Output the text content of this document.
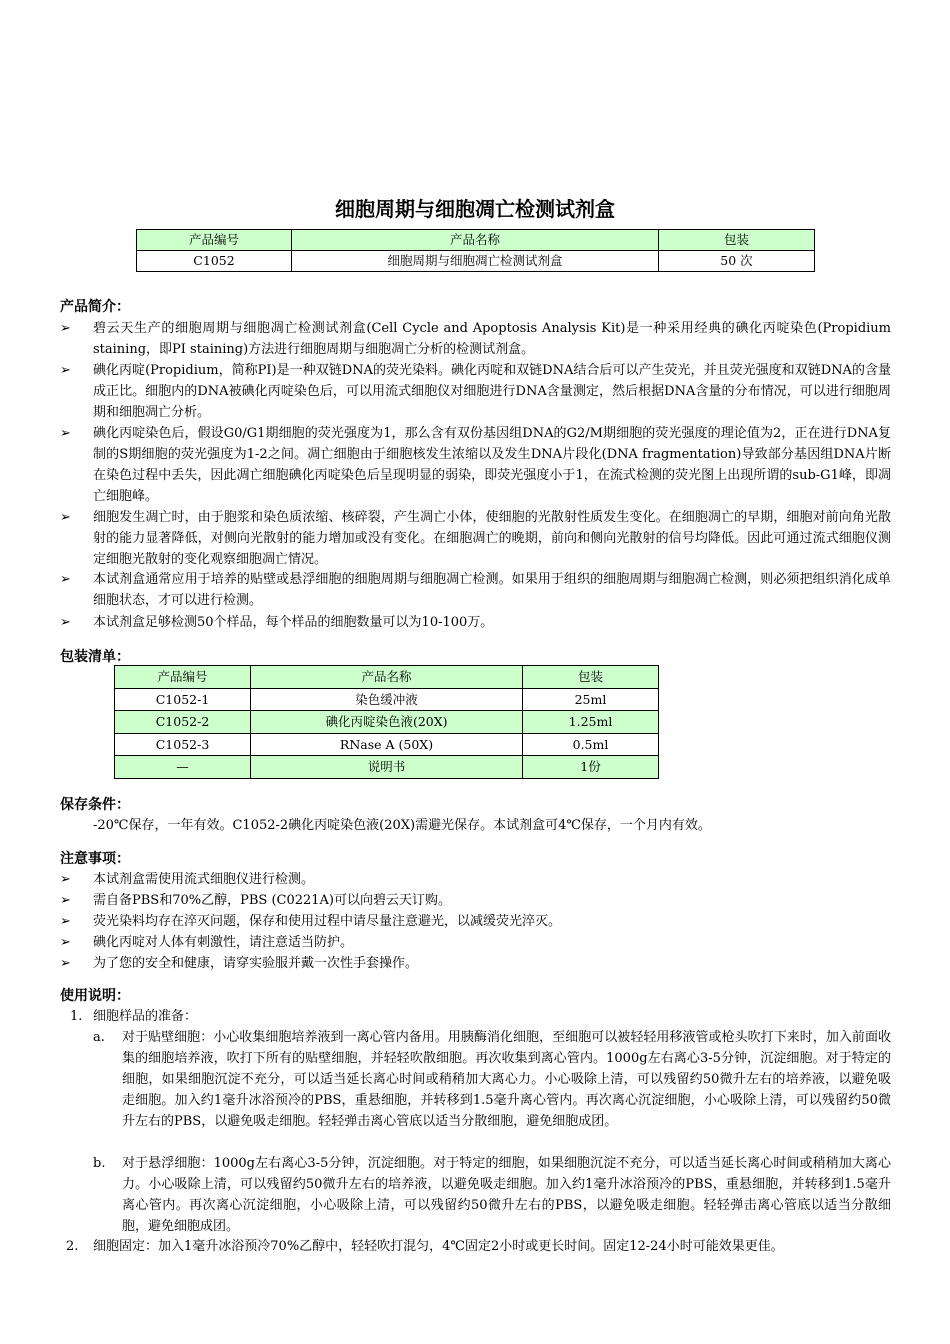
细胞周期与细胞凋亡检测试剂盒
产品编号	产品名称	包装
C1052	细胞周期与细胞凋亡检测试剂盒	50 次
产品简介：
➢ 碧云天生产的细胞周期与细胞凋亡检测试剂盒(Cell Cycle and Apoptosis Analysis Kit)是一种采用经典的碘化丙啶染色(Propidium staining，即PI staining)方法进行细胞周期与细胞凋亡分析的检测试剂盒。
➢ 碘化丙啶(Propidium，简称PI)是一种双链DNA的荧光染料。碘化丙啶和双链DNA结合后可以产生荧光，并且荧光强度和双链DNA的含量成正比。细胞内的DNA被碘化丙啶染色后，可以用流式细胞仪对细胞进行DNA含量测定，然后根据DNA含量的分布情况，可以进行细胞周期和细胞凋亡分析。
➢ 碘化丙啶染色后，假设G0/G1期细胞的荧光强度为1，那么含有双份基因组DNA的G2/M期细胞的荧光强度的理论值为2，正在进行DNA复制的S期细胞的荧光强度为1-2之间。凋亡细胞由于细胞核发生浓缩以及发生DNA片段化(DNA fragmentation)导致部分基因组DNA片断在染色过程中丢失，因此凋亡细胞碘化丙啶染色后呈现明显的弱染，即荧光强度小于1，在流式检测的荧光图上出现所谓的sub-G1峰，即凋亡细胞峰。
➢ 细胞发生凋亡时，由于胞浆和染色质浓缩、核碎裂，产生凋亡小体，使细胞的光散射性质发生变化。在细胞凋亡的早期，细胞对前向角光散射的能力显著降低，对侧向光散射的能力增加或没有变化。在细胞凋亡的晚期，前向和侧向光散射的信号均降低。因此可通过流式细胞仪测定细胞光散射的变化观察细胞凋亡情况。
➢ 本试剂盒通常应用于培养的贴壁或悬浮细胞的细胞周期与细胞凋亡检测。如果用于组织的细胞周期与细胞凋亡检测，则必须把组织消化成单细胞状态，才可以进行检测。
➢ 本试剂盒足够检测50个样品，每个样品的细胞数量可以为10-100万。
包装清单：
产品编号	产品名称	包装
C1052-1	染色缓冲液	25ml
C1052-2	碘化丙啶染色液(20X)	1.25ml
C1052-3	RNase A (50X)	0.5ml
—	说明书	1份
保存条件：
-20℃保存，一年有效。C1052-2碘化丙啶染色液(20X)需避光保存。本试剂盒可4℃保存，一个月内有效。
注意事项：
➢ 本试剂盒需使用流式细胞仪进行检测。
➢ 需自备PBS和70%乙醇，PBS (C0221A)可以向碧云天订购。
➢ 荧光染料均存在淬灭问题，保存和使用过程中请尽量注意避光，以减缓荧光淬灭。
➢ 碘化丙啶对人体有刺激性，请注意适当防护。
➢ 为了您的安全和健康，请穿实验服并戴一次性手套操作。
使用说明：
1. 细胞样品的准备：
a. 对于贴壁细胞：小心收集细胞培养液到一离心管内备用。用胰酶消化细胞，至细胞可以被轻轻用移液管或枪头吹打下来时，加入前面收集的细胞培养液，吹打下所有的贴壁细胞，并轻轻吹散细胞。再次收集到离心管内。1000g左右离心3-5分钟，沉淀细胞。对于特定的细胞，如果细胞沉淀不充分，可以适当延长离心时间或稍稍加大离心力。小心吸除上清，可以残留约50微升左右的培养液，以避免吸走细胞。加入约1毫升冰浴预冷的PBS，重悬细胞，并转移到1.5毫升离心管内。再次离心沉淀细胞，小心吸除上清，可以残留约50微升左右的PBS，以避免吸走细胞。轻轻弹击离心管底以适当分散细胞，避免细胞成团。
b. 对于悬浮细胞：1000g左右离心3-5分钟，沉淀细胞。对于特定的细胞，如果细胞沉淀不充分，可以适当延长离心时间或稍稍加大离心力。小心吸除上清，可以残留约50微升左右的培养液，以避免吸走细胞。加入约1毫升冰浴预冷的PBS，重悬细胞，并转移到1.5毫升离心管内。再次离心沉淀细胞，小心吸除上清，可以残留约50微升左右的PBS，以避免吸走细胞。轻轻弹击离心管底以适当分散细胞，避免细胞成团。
2. 细胞固定：加入1毫升冰浴预冷70%乙醇中，轻轻吹打混匀，4℃固定2小时或更长时间。固定12-24小时可能效果更佳。
